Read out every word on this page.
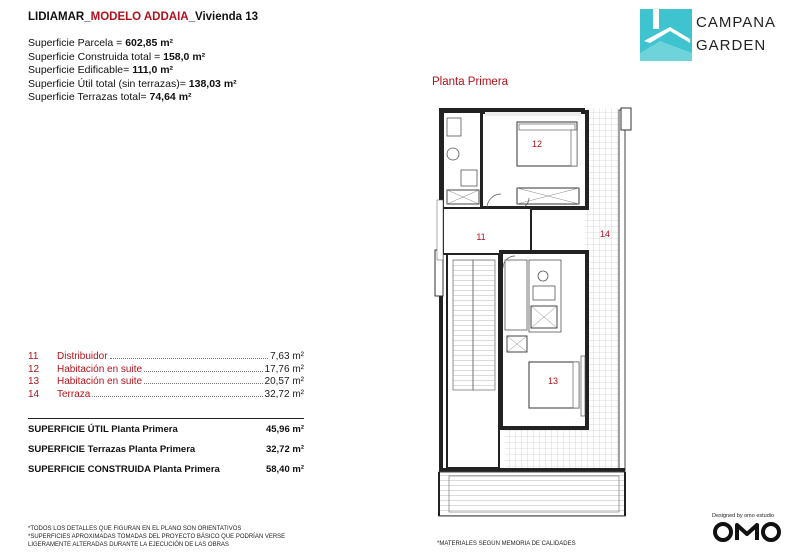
LIDIAMAR_MODELO ADDAIA_Vivienda 13
Superficie Parcela = 602,85 m²
Superficie Construida total = 158,0 m²
Superficie Edificable= 111,0 m²
Superficie Útil total (sin terrazas)= 138,03 m²
Superficie Terrazas total= 74,64 m²
CAMPANA
GARDEN
Planta Primera
12
11	14
13
11	Distribuidor	7,63 m²
12	Habitación en suite	17,76 m²
13	Habitación en suite	20,57 m²
14	Terraza	32,72 m²
SUPERFICIE ÚTIL Planta Primera	45,96 m²
SUPERFICIE Terrazas Planta Primera	32,72 m²
SUPERFICIE CONSTRUIDA Planta Primera	58,40 m²
*TODOS LOS DETALLES QUE FIGURAN EN EL PLANO SON ORIENTATIVOS
*SUPERFICIES APROXIMADAS TOMADAS DEL PROYECTO BÁSICO QUE PODRÍAN VERSE
LIGERAMENTE ALTERADAS DURANTE LA EJECUCIÓN DE LAS OBRAS	*MATERIALES SEGUN MEMORIA DE CALIDADES
Designed by omo estudio
